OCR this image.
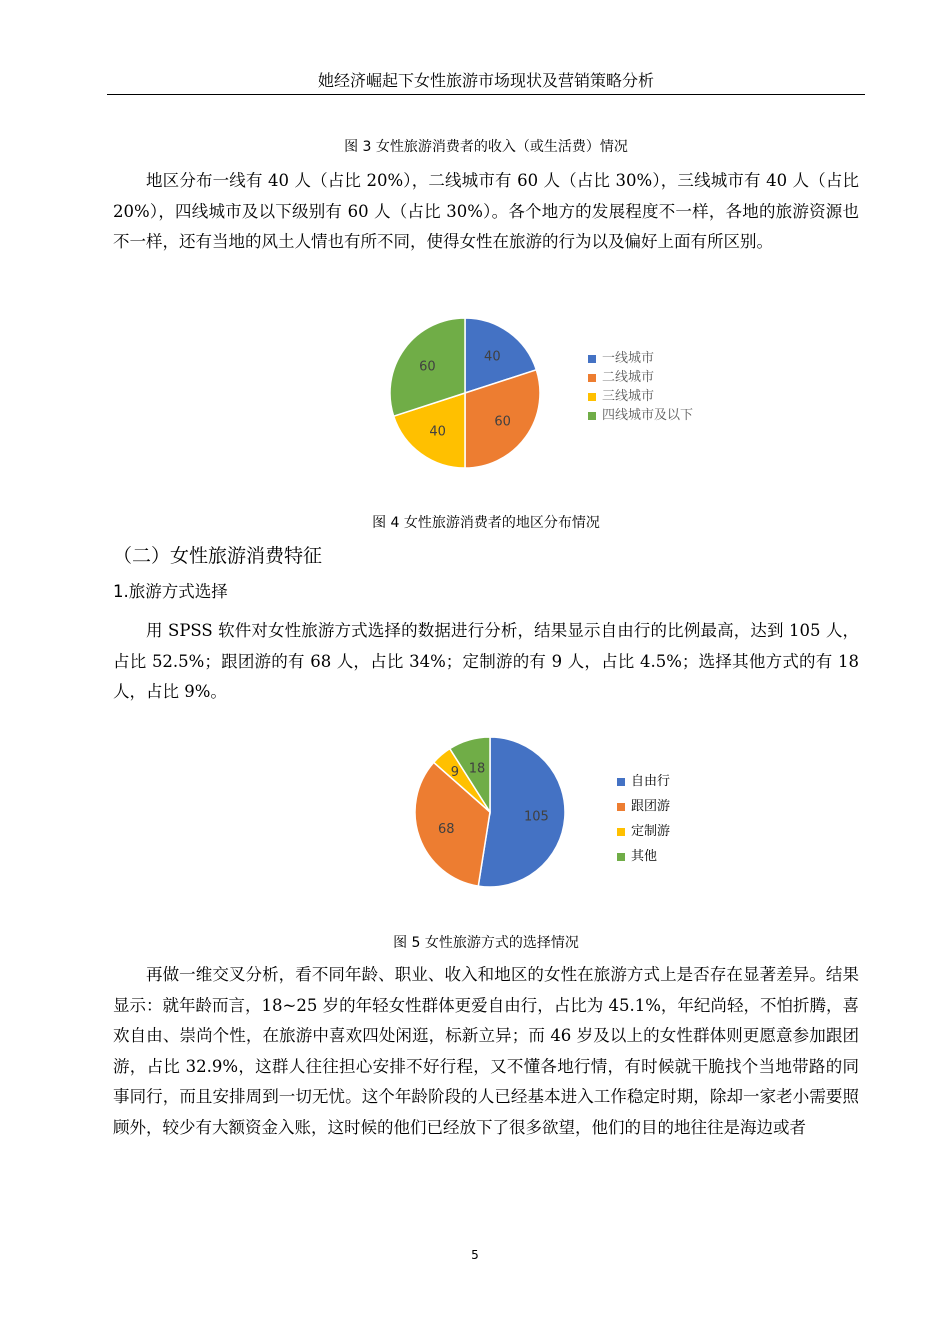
她经济崛起下女性旅游市场现状及营销策略分析
图 3 女性旅游消费者的收入（或生活费）情况

地区分布一线有 40 人（占比 20%），二线城市有 60 人（占比 30%），三线城市有 40 人（占比 20%），四线城市及以下级别有 60 人（占比 30%）。各个地方的发展程度不一样，各地的旅游资源也不一样，还有当地的风土人情也有所不同，使得女性在旅游的行为以及偏好上面有所区别。

40
60
40
60
一线城市
二线城市
三线城市
四线城市及以下
图 4 女性旅游消费者的地区分布情况
（二）女性旅游消费特征
1.旅游方式选择

用 SPSS 软件对女性旅游方式选择的数据进行分析，结果显示自由行的比例最高，达到 105 人，占比 52.5%；跟团游的有 68 人，占比 34%；定制游的有 9 人，占比 4.5%；选择其他方式的有 18 人，占比 9%。

105
68
9 18
自由行
跟团游
定制游
其他
图 5 女性旅游方式的选择情况

再做一维交叉分析，看不同年龄、职业、收入和地区的女性在旅游方式上是否存在显著差异。结果显示：就年龄而言，18~25 岁的年轻女性群体更爱自由行，占比为 45.1%，年纪尚轻，不怕折腾，喜欢自由、崇尚个性，在旅游中喜欢四处闲逛，标新立异；而 46 岁及以上的女性群体则更愿意参加跟团游，占比 32.9%，这群人往往担心安排不好行程，又不懂各地行情，有时候就干脆找个当地带路的同事同行，而且安排周到一切无忧。这个年龄阶段的人已经基本进入工作稳定时期，除却一家老小需要照顾外，较少有大额资金入账，这时候的他们已经放下了很多欲望，他们的目的地往往是海边或者

5
